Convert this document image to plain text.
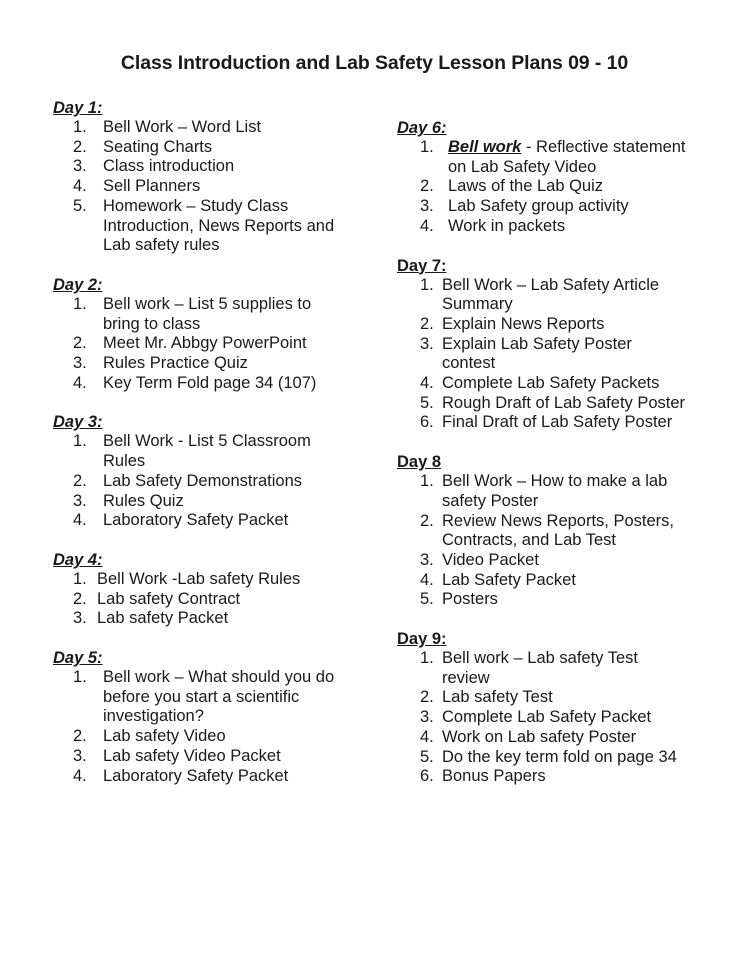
Class Introduction and Lab Safety Lesson Plans 09 - 10
Day 1:
1. Bell Work – Word List
2. Seating Charts
3. Class introduction
4. Sell Planners
5. Homework – Study Class Introduction, News Reports and Lab safety rules
Day 2:
1. Bell work – List 5 supplies to bring to class
2. Meet Mr. Abbgy PowerPoint
3. Rules Practice Quiz
4. Key Term Fold page 34 (107)
Day 3:
1. Bell Work - List 5 Classroom Rules
2. Lab Safety Demonstrations
3. Rules Quiz
4. Laboratory Safety Packet
Day 4:
1. Bell Work -Lab safety Rules
2. Lab safety Contract
3. Lab safety Packet
Day 5:
1. Bell work – What should you do before you start a scientific investigation?
2. Lab safety Video
3. Lab safety Video Packet
4. Laboratory Safety Packet
Day 6:
1. Bell work - Reflective statement on Lab Safety Video
2. Laws of the Lab Quiz
3. Lab Safety group activity
4. Work in packets
Day 7:
1. Bell Work – Lab Safety Article Summary
2. Explain News Reports
3. Explain Lab Safety Poster contest
4. Complete Lab Safety Packets
5. Rough Draft of Lab Safety Poster
6. Final Draft of Lab Safety Poster
Day 8
1. Bell Work – How to make a lab safety Poster
2. Review News Reports, Posters, Contracts, and Lab Test
3. Video Packet
4. Lab Safety Packet
5. Posters
Day 9:
1. Bell work – Lab safety Test review
2. Lab safety Test
3. Complete Lab Safety Packet
4. Work on Lab safety Poster
5. Do the key term fold on page 34
6. Bonus Papers
